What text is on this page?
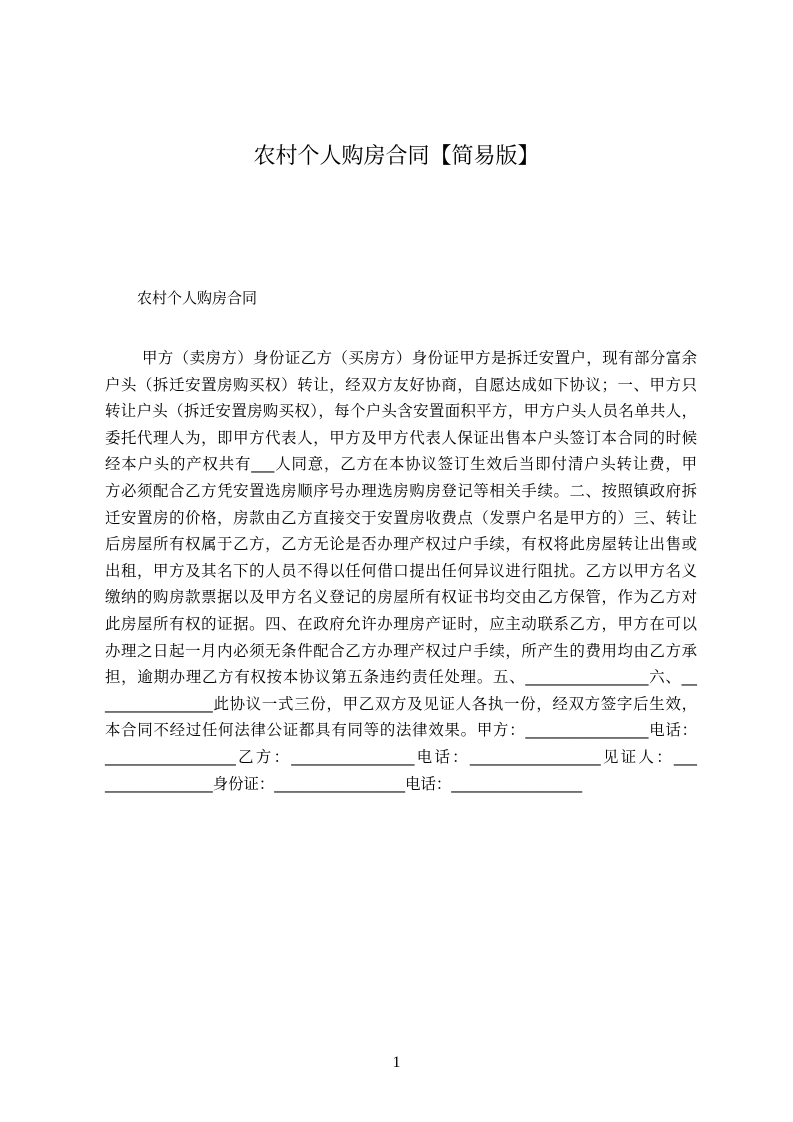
农村个人购房合同【简易版】
农村个人购房合同
甲方（卖房方）身份证乙方（买房方）身份证甲方是拆迁安置户，现有部分富余
户头（拆迁安置房购买权）转让，经双方友好协商，自愿达成如下协议；一、甲方只
转让户头（拆迁安置房购买权），每个户头含安置面积平方，甲方户头人员名单共人，
委托代理人为，即甲方代表人，甲方及甲方代表人保证出售本户头签订本合同的时候
经本户头的产权共有___人同意，乙方在本协议签订生效后当即付清户头转让费，甲
方必须配合乙方凭安置选房顺序号办理选房购房登记等相关手续。二、按照镇政府拆
迁安置房的价格，房款由乙方直接交于安置房收费点（发票户名是甲方的）三、转让
后房屋所有权属于乙方，乙方无论是否办理产权过户手续，有权将此房屋转让出售或
出租，甲方及其名下的人员不得以任何借口提出任何异议进行阻扰。乙方以甲方名义
缴纳的购房款票据以及甲方名义登记的房屋所有权证书均交由乙方保管，作为乙方对
此房屋所有权的证据。四、在政府允许办理房产证时，应主动联系乙方，甲方在可以
办理之日起一月内必须无条件配合乙方办理产权过户手续，所产生的费用均由乙方承
担，逾期办理乙方有权按本协议第五条违约责任处理。五、________________六、__
______________此协议一式三份，甲乙双方及见证人各执一份，经双方签字后生效，
本合同不经过任何法律公证都具有同等的法律效果。甲方：________________电话：
_________________乙方：________________电话：_________________见证人：___
______________身份证：_________________电话：_________________
1
